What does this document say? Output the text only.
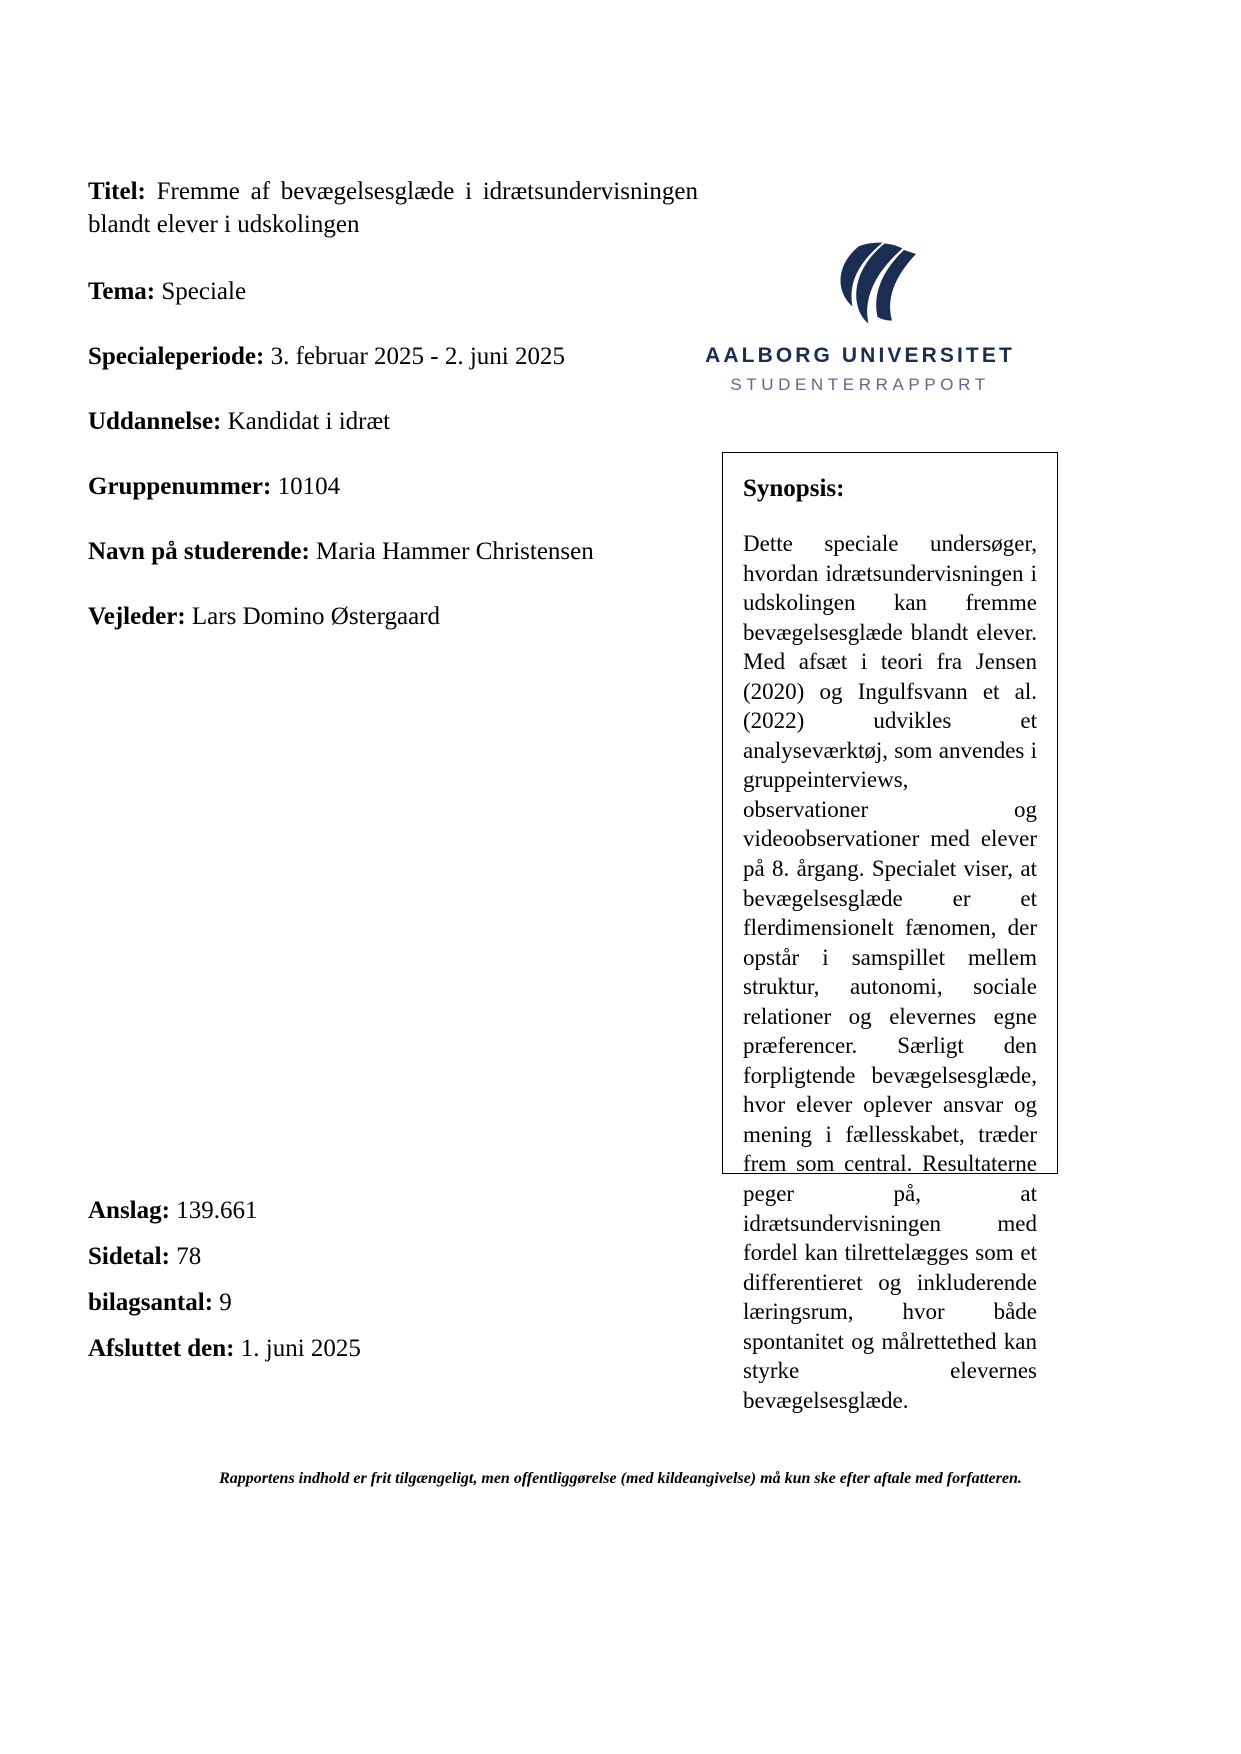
Titel: Fremme af bevægelsesglæde i idrætsundervisningen blandt elever i udskolingen
Tema: Speciale
Specialeperiode: 3. februar 2025 - 2. juni 2025
Uddannelse: Kandidat i idræt
Gruppenummer: 10104
Navn på studerende: Maria Hammer Christensen
Vejleder: Lars Domino Østergaard
AALBORG UNIVERSITET
STUDENTERRAPPORT
Synopsis:

Dette speciale undersøger, hvordan idrætsundervisningen i udskolingen kan fremme bevægelsesglæde blandt elever. Med afsæt i teori fra Jensen (2020) og Ingulfsvann et al. (2022) udvikles et analyseværktøj, som anvendes i gruppeinterviews, observationer og videoobservationer med elever på 8. årgang. Specialet viser, at bevægelsesglæde er et flerdimensionelt fænomen, der opstår i samspillet mellem struktur, autonomi, sociale relationer og elevernes egne præferencer. Særligt den forpligtende bevægelsesglæde, hvor elever oplever ansvar og mening i fællesskabet, træder frem som central. Resultaterne peger på, at idrætsundervisningen med fordel kan tilrettelægges som et differentieret og inkluderende læringsrum, hvor både spontanitet og målrettethed kan styrke elevernes bevægelsesglæde.

Anslag: 139.661
Sidetal: 78
bilagsantal: 9
Afsluttet den: 1. juni 2025
Rapportens indhold er frit tilgængeligt, men offentliggørelse (med kildeangivelse) må kun ske efter aftale med forfatteren.
